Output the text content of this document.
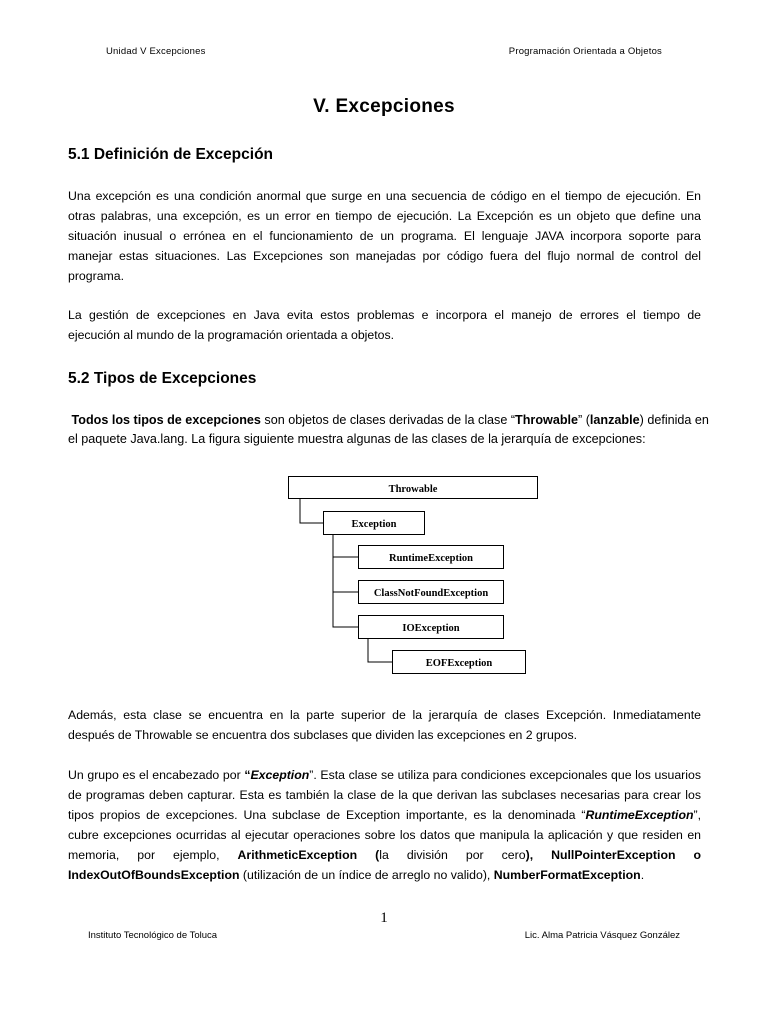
Unidad V Excepciones	Programación Orientada a Objetos
V. Excepciones
5.1 Definición de Excepción
Una excepción es una condición anormal que surge en una secuencia de código en el tiempo de ejecución. En
otras palabras, una excepción, es un error en tiempo de ejecución. La Excepción es un objeto que define una
situación inusual o errónea en el funcionamiento de un programa. El lenguaje JAVA incorpora soporte para
manejar estas situaciones. Las Excepciones son manejadas por código fuera del flujo normal de control del
programa.
La gestión de excepciones en Java evita estos problemas e incorpora el manejo de errores el tiempo de
ejecución al mundo de la programación orientada a objetos.
5.2 Tipos de Excepciones
Todos los tipos de excepciones son objetos de clases derivadas de la clase “Throwable” (lanzable) definida en
el paquete Java.lang. La figura siguiente muestra algunas de las clases de la jerarquía de excepciones:
Throwable
Exception
RuntimeException
ClassNotFoundException
IOException
EOFException
Además, esta clase se encuentra en la parte superior de la jerarquía de clases Excepción. Inmediatamente
después de Throwable se encuentra dos subclases que dividen las excepciones en 2 grupos.
Un grupo es el encabezado por “Exception”. Esta clase se utiliza para condiciones excepcionales que los usuarios
de programas deben capturar. Esta es también la clase de la que derivan las subclases necesarias para crear los
tipos propios de excepciones. Una subclase de Exception importante, es la denominada “RuntimeException”,
cubre excepciones ocurridas al ejecutar operaciones sobre los datos que manipula la aplicación y que residen en
memoria, por ejemplo, ArithmeticException (la división por cero), NullPointerException o
IndexOutOfBoundsException (utilización de un índice de arreglo no valido), NumberFormatException.
1
Instituto Tecnológico de Toluca	Lic. Alma Patricia Vásquez González
